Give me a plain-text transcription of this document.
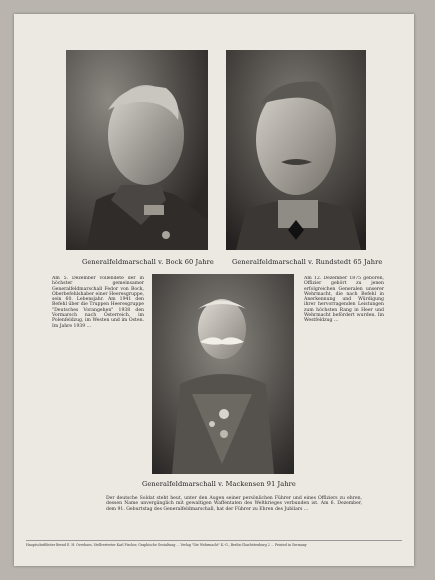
Generalfeldmarschall v. Bock 60 Jahre	Generalfeldmarschall v. Rundstedt 65 Jahre
Generalfeldmarschall v. Mackensen 91 Jahre
Am 5. Dezember vollendete der in höchster gemeinsamer Generalfeldmarschall Fedor von Bock, Oberbefehlshaber einer Heeresgruppe, sein 60. Lebensjahr. Am 1941 den Befehl über die Truppen Heeresgruppe "Deutsches Vorangehen" 1938 den Vormarsch nach Österreich, im Polenfeldzug, im Westen und im Osten. Im Jahre 1939 ...
Am 12. Dezember 1875 geboren, Offizier gehört zu jenen erfolgreichen Generalen unserer Wehrmacht, die nach Befehl in Anerkennung und Würdigung ihrer hervorragenden Leistungen zum höchsten Rang in Heer und Wehrmacht befördert wurden. Im Westfeldzug ...
Der deutsche Soldat steht heut, unter den Augen seiner persönlichen Führer und eines Offiziers zu ehren, dessen Name unvergänglich mit gewaltigen Waffentaten des Weltkrieges verbunden ist. Am 6. Dezember, dem 91. Geburtstag des Generalfeldmarschall, hat der Führer zu Ehren des Jubilars ...
Hauptschriftleiter Bernd E. H. Overhues, Stellvertreter Karl Fischer, Graphische Gestaltung ... Verlag "Die Wehrmacht" K.-G., Berlin-Charlottenburg 2 ... Printed in Germany
